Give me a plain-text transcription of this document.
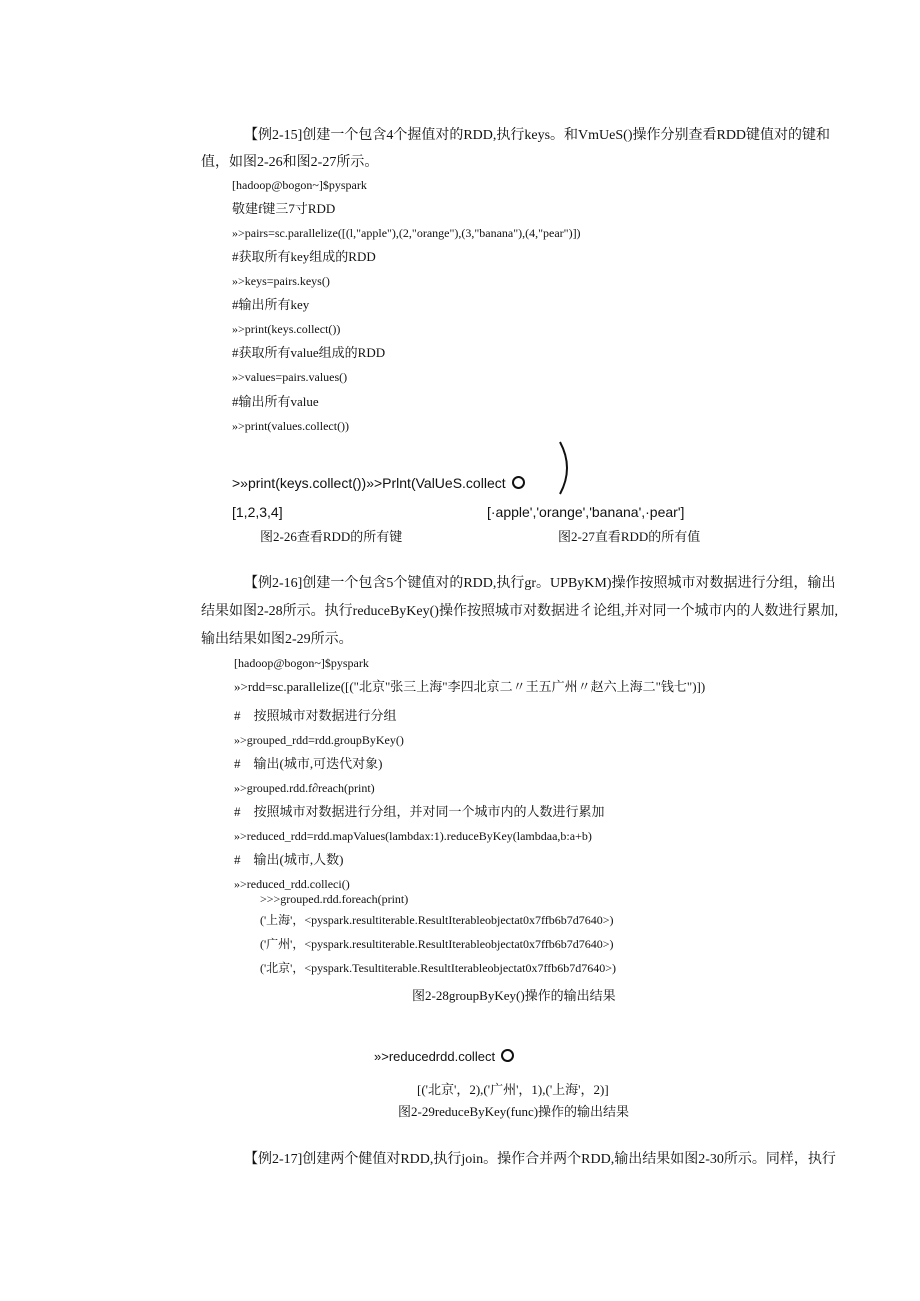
【例2-15]创建一个包含4个握值对的RDD,执行keys。和VmUeS()操作分别查看RDD键值对的键和
值，如图2-26和图2-27所示。
[hadoop@bogon~]$pyspark
敬建f键三7寸RDD
»>pairs=sc.parallelize([(l,"apple"),(2,"orange"),(3,"banana"),(4,"pear")])
#获取所有key组成的RDD
»>keys=pairs.keys()
#输出所有key
»>print(keys.collect())
#获取所有value组成的RDD
»>values=pairs.values()
#输出所有value
»>print(values.collect())
>»print(keys.collect())»>Prlnt(ValUeS.collect
[1,2,3,4]	[·apple','orange','banana',·pear']
图2-26查看RDD的所有键	图2-27直看RDD的所有值
【例2-16]创建一个包含5个键值对的RDD,执行gr。UPByKM)操作按照城市对数据进行分组，输出
结果如图2-28所示。执行reduceByKey()操作按照城市对数据进彳论组,并对同一个城市内的人数进行累加,
输出结果如图2-29所示。
[hadoop@bogon~]$pyspark
»>rdd=sc.parallelize([("北京"张三上海"李四北京二〃王五广州〃赵六上海二"钱七")])
#　按照城市对数据进行分组
»>grouped_rdd=rdd.groupByKey()
#　输出(城市,可迭代对象)
»>grouped.rdd.f∂reach(print)
#　按照城市对数据进行分组，并对同一个城市内的人数进行累加
»>reduced_rdd=rdd.mapValues(lambdax:1).reduceByKey(lambdaa,b:a+b)
#　输出(城市,人数)
»>reduced_rdd.colleci()
>>>grouped.rdd.foreach(print)
('上海'，<pyspark.resultiterable.ResultIterableobjectat0x7ffb6b7d7640>)
('广州'，<pyspark.resultiterable.ResultIterableobjectat0x7ffb6b7d7640>)
('北京'，<pyspark.Tesultiterable.ResultIterableobjectat0x7ffb6b7d7640>)
图2-28groupByKey()操作的输出结果
»>reducedrdd.collect
[('北京'，2),('广州'，1),('上海'，2)]
图2-29reduceByKey(func)操作的输出结果
【例2-17]创建两个健值对RDD,执行join。操作合并两个RDD,输出结果如图2-30所示。同样，执行
